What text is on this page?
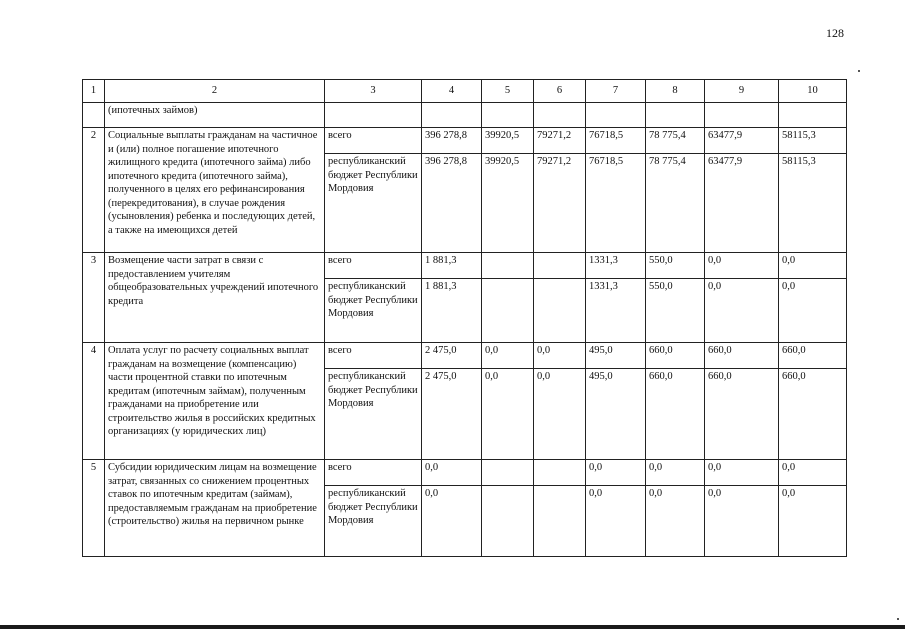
128
1	2	3	4	5	6	7	8	9	10
	(ипотечных займов)								
2	Социальные выплаты гражданам на частичное и (или) полное погашение ипотечного жилищного кредита (ипотечного займа) либо ипотечного кредита (ипотечного займа), полученного в целях его рефинансирования (перекредитования), в случае рождения (усыновления) ребенка и последующих детей, а также на имеющихся детей	всего	396 278,8	39920,5	79271,2	76718,5	78 775,4	63477,9	58115,3
		республиканский бюджет Республики Мордовия	396 278,8	39920,5	79271,2	76718,5	78 775,4	63477,9	58115,3
3	Возмещение части затрат в связи с предоставлением учителям общеобразовательных учреждений ипотечного кредита	всего	1 881,3			1331,3	550,0	0,0	0,0
		республиканский бюджет Республики Мордовия	1 881,3			1331,3	550,0	0,0	0,0
4	Оплата услуг по расчету социальных выплат гражданам на возмещение (компенсацию) части процентной ставки по ипотечным кредитам (ипотечным займам), полученным гражданами на приобретение или строительство жилья в российских кредитных организациях (у юридических лиц)	всего	2 475,0	0,0	0,0	495,0	660,0	660,0	660,0
		республиканский бюджет Республики Мордовия	2 475,0	0,0	0,0	495,0	660,0	660,0	660,0
5	Субсидии юридическим лицам на возмещение затрат, связанных со снижением процентных ставок по ипотечным кредитам (займам), предоставляемым гражданам на приобретение (строительство) жилья на первичном рынке	всего	0,0			0,0	0,0	0,0	0,0
		республиканский бюджет Республики Мордовия	0,0			0,0	0,0	0,0	0,0
